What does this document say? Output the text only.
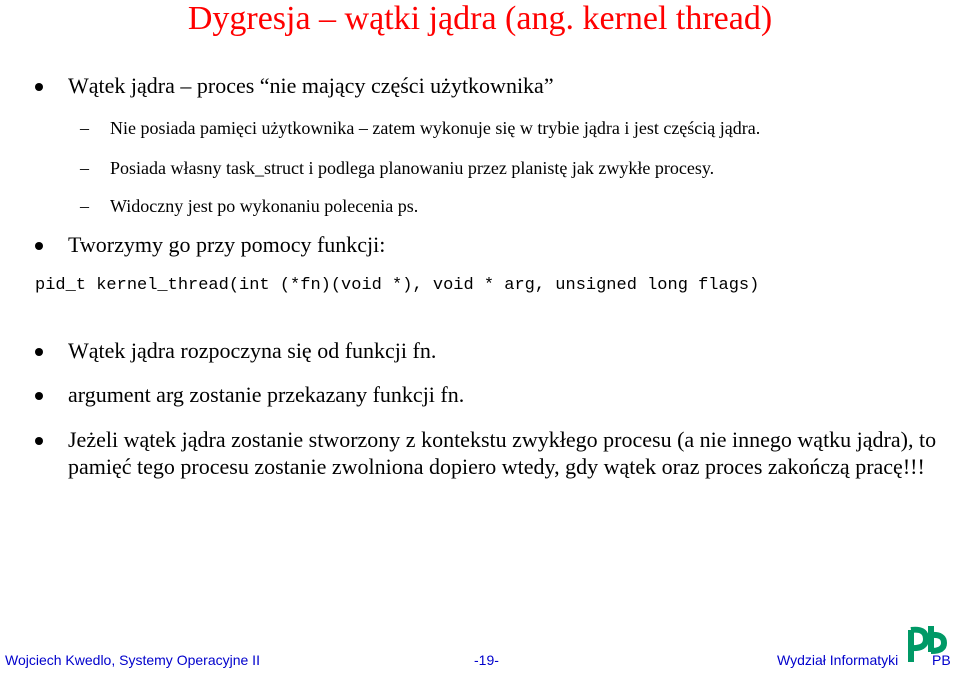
Dygresja – wątki jądra (ang. kernel thread)
Wątek jądra – proces “nie mający części użytkownika”
– Nie posiada pamięci użytkownika – zatem wykonuje się w trybie jądra i jest częścią jądra.
– Posiada własny task_struct i podlega planowaniu przez planistę jak zwykłe procesy.
– Widoczny jest po wykonaniu polecenia ps.
Tworzymy go przy pomocy funkcji:
pid_t kernel_thread(int (*fn)(void *), void * arg, unsigned long flags)
Wątek jądra rozpoczyna się od funkcji fn.
argument arg zostanie przekazany funkcji fn.
Jeżeli wątek jądra zostanie stworzony z kontekstu zwykłego procesu (a nie innego wątku jądra), to pamięć tego procesu zostanie zwolniona dopiero wtedy, gdy wątek oraz proces zakończą pracę!!!
Wojciech Kwedlo, Systemy Operacyjne II	-19-	Wydział Informatyki PB
